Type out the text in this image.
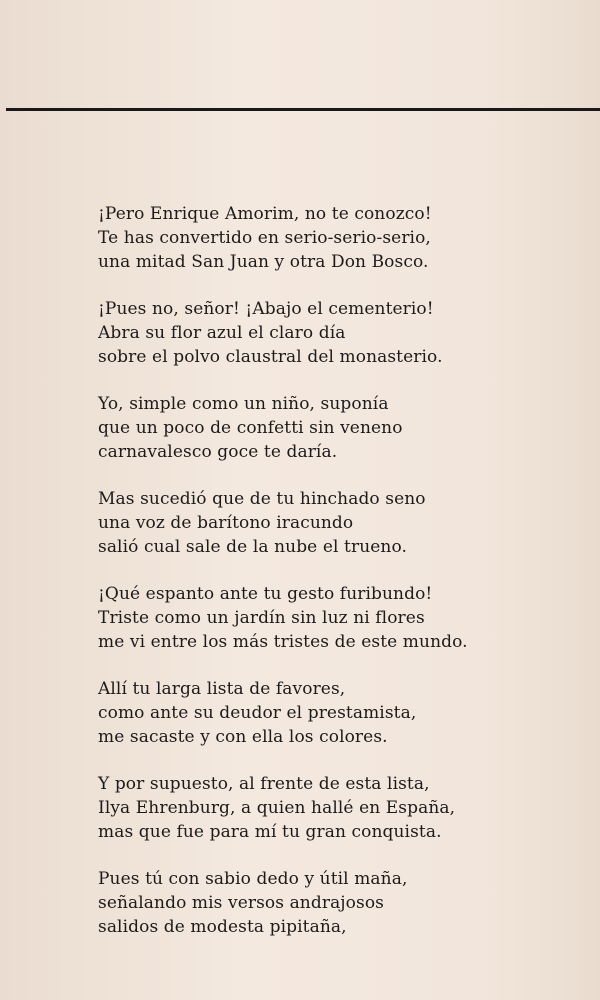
¡Pero Enrique Amorim, no te conozco!
Te has convertido en serio-serio-serio,
una mitad San Juan y otra Don Bosco.
¡Pues no, señor! ¡Abajo el cementerio!
Abra su flor azul el claro día
sobre el polvo claustral del monasterio.
Yo, simple como un niño, suponía
que un poco de confetti sin veneno
carnavalesco goce te daría.
Mas sucedió que de tu hinchado seno
una voz de barítono iracundo
salió cual sale de la nube el trueno.
¡Qué espanto ante tu gesto furibundo!
Triste como un jardín sin luz ni flores
me vi entre los más tristes de este mundo.
Allí tu larga lista de favores,
como ante su deudor el prestamista,
me sacaste y con ella los colores.
Y por supuesto, al frente de esta lista,
Ilya Ehrenburg, a quien hallé en España,
mas que fue para mí tu gran conquista.
Pues tú con sabio dedo y útil maña,
señalando mis versos andrajosos
salidos de modesta pipitaña,
